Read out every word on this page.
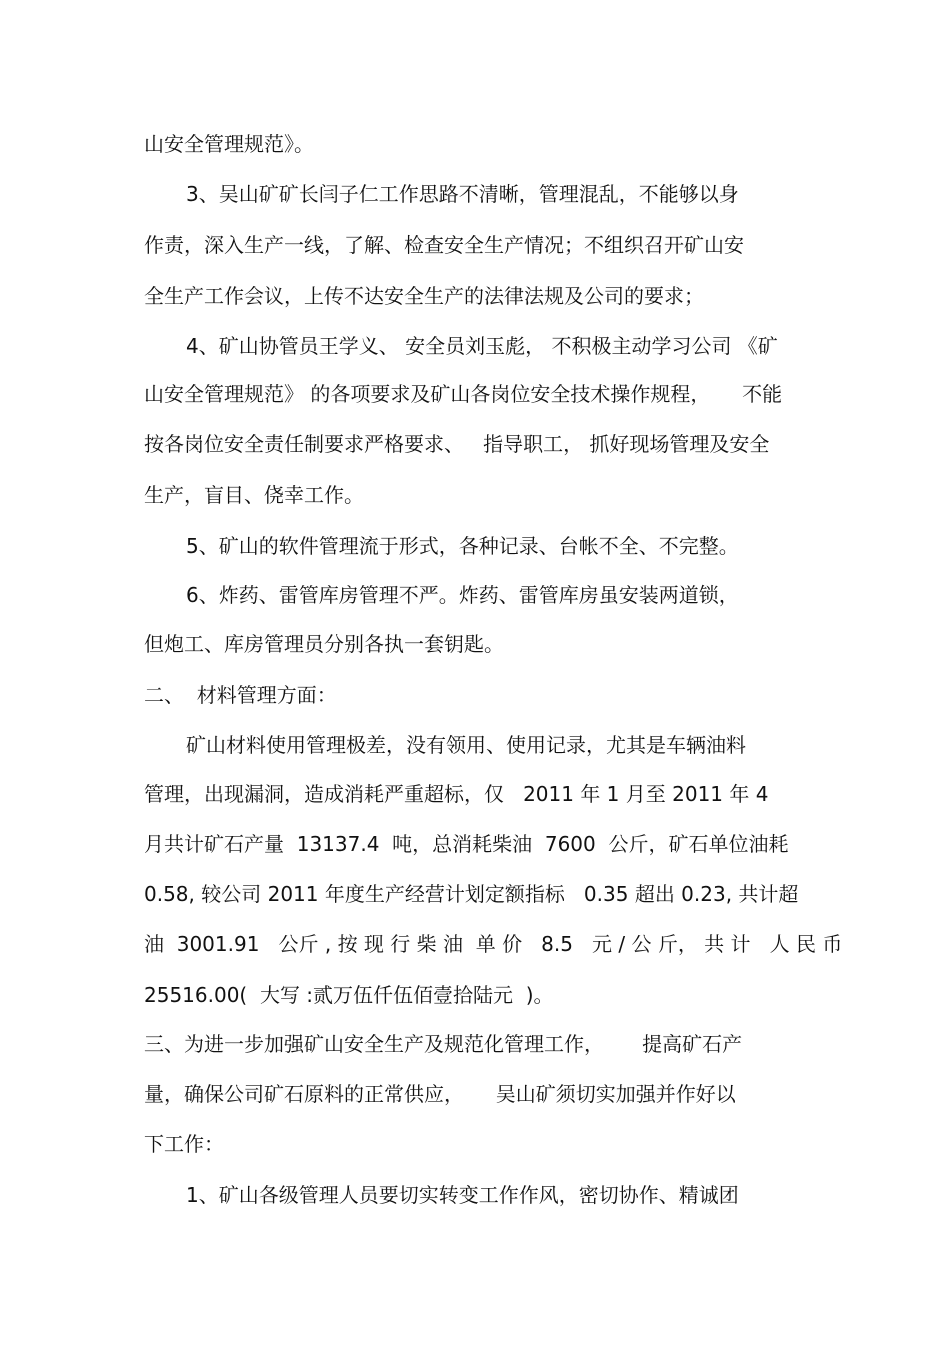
山安全管理规范》。
3、吴山矿矿长闫子仁工作思路不清晰，管理混乱，不能够以身
作责，深入生产一线，了解、检查安全生产情况；不组织召开矿山安
全生产工作会议，上传不达安全生产的法律法规及公司的要求；
4、矿山协管员王学义、 安全员刘玉彪， 不积极主动学习公司 《矿
山安全管理规范》 的各项要求及矿山各岗位安全技术操作规程，     不能
按各岗位安全责任制要求严格要求、   指导职工， 抓好现场管理及安全
生产，盲目、侥幸工作。
5、矿山的软件管理流于形式，各种记录、台帐不全、不完整。
6、炸药、雷管库房管理不严。炸药、雷管库房虽安装两道锁，
但炮工、库房管理员分别各执一套钥匙。
二、  材料管理方面：
矿山材料使用管理极差，没有领用、使用记录，尤其是车辆油料
管理，出现漏洞，造成消耗严重超标，仅   2011 年 1 月至 2011 年 4
月共计矿石产量  13137.4  吨，总消耗柴油  7600  公斤，矿石单位油耗
0.58, 较公司 2011 年度生产经营计划定额指标   0.35 超出 0.23, 共计超
油  3001.91   公斤 , 按 现 行 柴 油  单 价   8.5   元 / 公 斤， 共 计   人 民 币
25516.00(  大写 :贰万伍仟伍佰壹拾陆元  )。
三、为进一步加强矿山安全生产及规范化管理工作，      提高矿石产
量，确保公司矿石原料的正常供应，     吴山矿须切实加强并作好以
下工作：
1、矿山各级管理人员要切实转变工作作风，密切协作、精诚团
